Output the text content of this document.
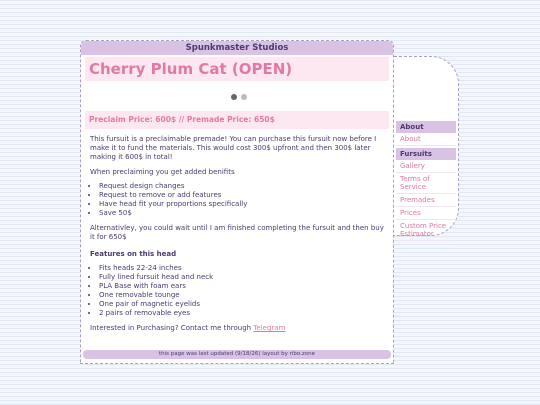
About
About
Fursuits
Gallery
Terms of Service
Premades
Prices
Custom Price Estimator
Spunkmaster Studios
Cherry Plum Cat (OPEN)
Preclaim Price: 600$ // Premade Price: 650$

This fursuit is a preclaimable premade! You can purchase this fursuit now before I make it to fund the materials. This would cost 300$ upfront and then 300$ later making it 600$ in total!

When preclaiming you get added benifits

• Request design changes
• Request to remove or add features
• Have head fit your proportions specifically
• Save 50$

Alternativley, you could wait until I am finished completing the fursuit and then buy it for 650$

Features on this head
• Fits heads 22-24 inches
• Fully lined fursuit head and neck
• PLA Base with foam ears
• One removable tounge
• One pair of magnetic eyelids
• 2 pairs of removable eyes

Interested in Purchasing? Contact me through Telegram

this page was last updated (9/18/26) layout by ribo.zone
